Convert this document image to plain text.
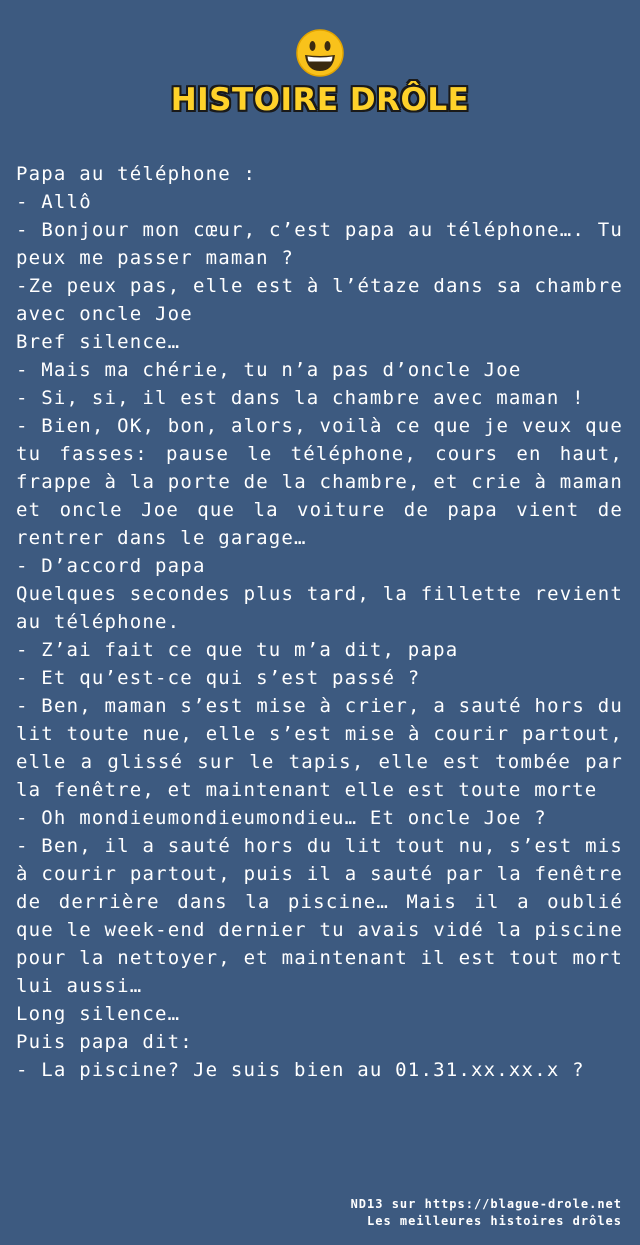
HISTOIRE DRÔLE

Papa au téléphone :

- Allô

- Bonjour mon cœur, c’est papa au téléphone…. Tu peux me passer maman ?

-Ze peux pas, elle est à l’étaze dans sa chambre avec oncle Joe

Bref silence…

- Mais ma chérie, tu n’a pas d’oncle Joe

- Si, si, il est dans la chambre avec maman !

- Bien, OK, bon, alors, voilà ce que je veux que tu fasses: pause le téléphone, cours en haut, frappe à la porte de la chambre, et crie à maman et oncle Joe que la voiture de papa vient de rentrer dans le garage…

- D’accord papa

Quelques secondes plus tard, la fillette revient au téléphone.

- Z’ai fait ce que tu m’a dit, papa

- Et qu’est-ce qui s’est passé ?

- Ben, maman s’est mise à crier, a sauté hors du lit toute nue, elle s’est mise à courir partout, elle a glissé sur le tapis, elle est tombée par la fenêtre, et maintenant elle est toute morte

- Oh mondieumondieumondieu… Et oncle Joe ?

- Ben, il a sauté hors du lit tout nu, s’est mis à courir partout, puis il a sauté par la fenêtre de derrière dans la piscine… Mais il a oublié que le week-end dernier tu avais vidé la piscine pour la nettoyer, et maintenant il est tout mort lui aussi…

Long silence…

Puis papa dit:

- La piscine? Je suis bien au 01.31.xx.xx.x ?

ND13 sur https://blague-drole.net
Les meilleures histoires drôles
